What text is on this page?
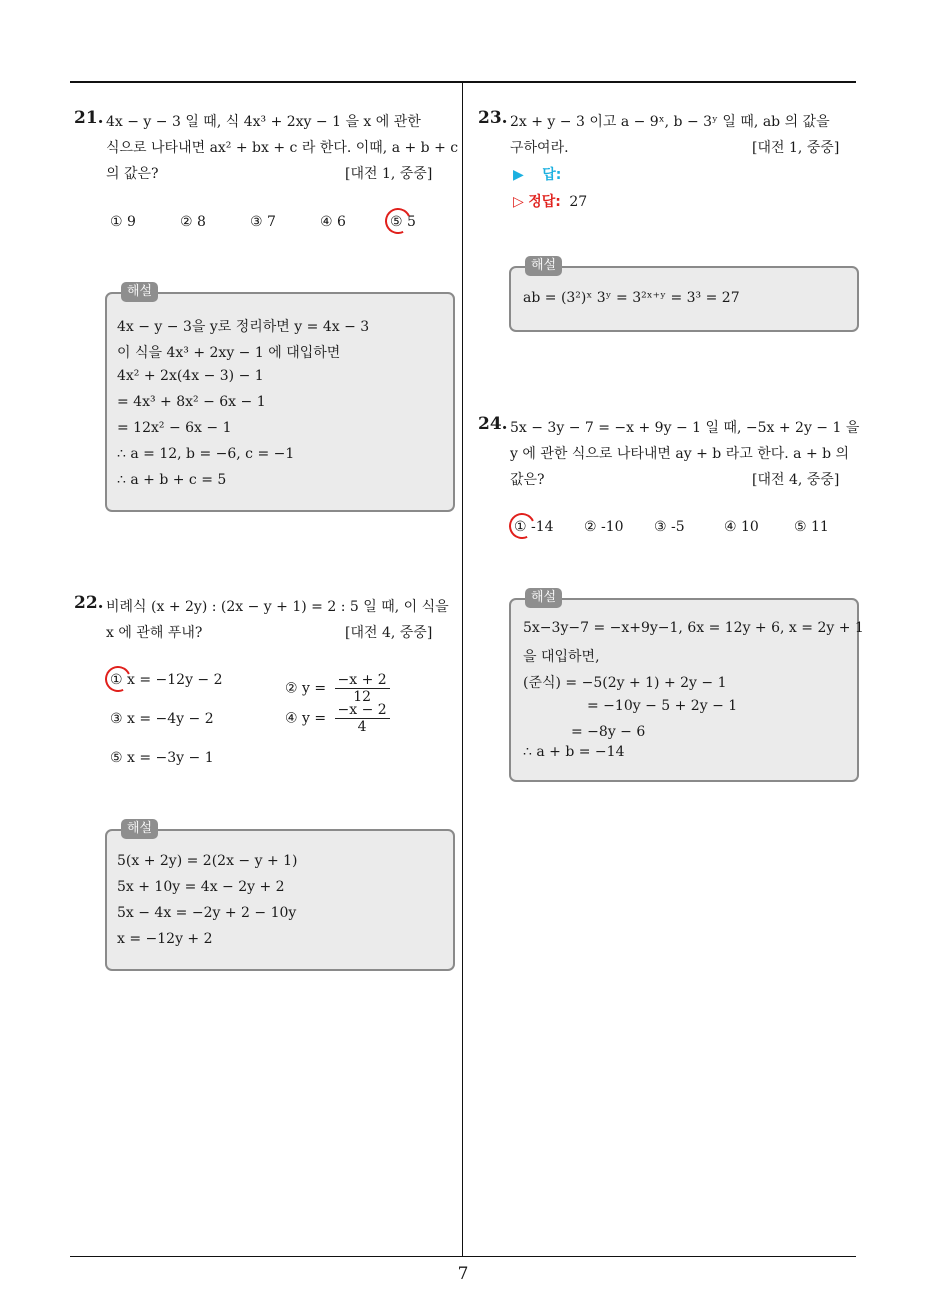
7
21. 4x − y − 3 일 때, 식 4x³ + 2xy − 1 을 x 에 관한
식으로 나타내면 ax² + bx + c 라 한다. 이때, a + b + c
의 값은?	[대전 1, 중중]
① 9	② 8	③ 7	④ 6	⑤ 5
해설
4x − y − 3을 y로 정리하면 y = 4x − 3
이 식을 4x³ + 2xy − 1 에 대입하면
4x² + 2x(4x − 3) − 1
= 4x³ + 8x² − 6x − 1
= 12x² − 6x − 1
∴ a = 12, b = −6, c = −1
∴ a + b + c = 5
22. 비례식 (x + 2y) : (2x − y + 1) = 2 : 5 일 때, 이 식을
x 에 관해 푸내?	[대전 4, 중중]
① x = −12y − 2
② $y = \frac{-x + 2}{12}$
③ x = −4y − 2	④ $y = \frac{-x - 2}{4}$
⑤ x = −3y − 1
해설
5(x + 2y) = 2(2x − y + 1)
5x + 10y = 4x − 2y + 2
5x − 4x = −2y + 2 − 10y
x = −12y + 2
23. 2x + y − 3 이고 a − 9ˣ, b − 3ʸ 일 때, ab 의 값을
구하여라.	[대전 1, 중중]
▶ 답:
▷ 정답: 27
해설
ab = (3²)ˣ 3ʸ = 3²ˣ⁺ʸ = 3³ = 27
24. 5x − 3y − 7 = −x + 9y − 1 일 때, −5x + 2y − 1 을
y 에 관한 식으로 나타내면 ay + b 라고 한다. a + b 의
값은?	[대전 4, 중중]
① -14 ② -10 ③ -5	④ 10	⑤ 11
해설
5x−3y−7 = −x+9y−1, 6x = 12y + 6, x = 2y + 1
을 대입하면,
(준식) = −5(2y + 1) + 2y − 1
= −10y − 5 + 2y − 1
= −8y − 6
∴ a + b = −14
